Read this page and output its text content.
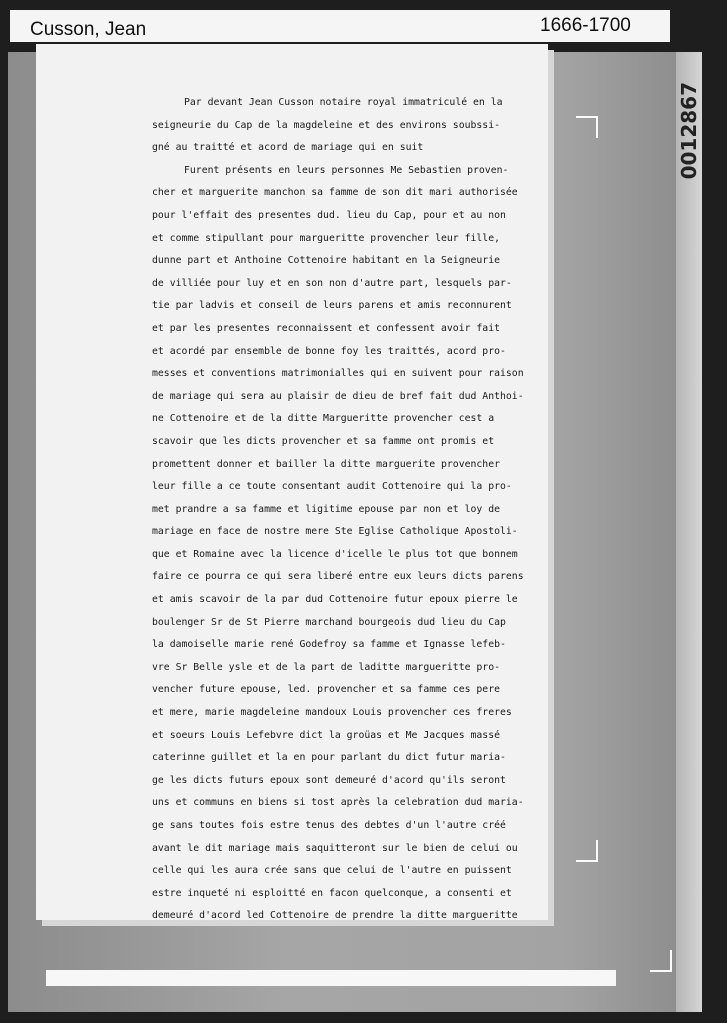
0012867
Cusson, Jean	1666-1700
Par devant Jean Cusson notaire royal immatriculé en la
seigneurie du Cap de la magdeleine et des environs soubssi-
gné au traitté et acord de mariage qui en suit
Furent présents en leurs personnes Me Sebastien proven-
cher et marguerite manchon sa famme de son dit mari authorisée
pour l'effait des presentes dud. lieu du Cap, pour et au non
et comme stipullant pour margueritte provencher leur fille,
dunne part et Anthoine Cottenoire habitant en la Seigneurie
de villiée pour luy et en son non d'autre part, lesquels par-
tie par ladvis et conseil de leurs parens et amis reconnurent
et par les presentes reconnaissent et confessent avoir fait
et acordé par ensemble de bonne foy les traittés, acord pro-
messes et conventions matrimonialles qui en suivent pour raison
de mariage qui sera au plaisir de dieu de bref fait dud Anthoi-
ne Cottenoire et de la ditte Margueritte provencher cest a
scavoir que les dicts provencher et sa famme ont promis et
promettent donner et bailler la ditte marguerite provencher
leur fille a ce toute consentant audit Cottenoire qui la pro-
met prandre a sa famme et ligitime epouse par non et loy de
mariage en face de nostre mere Ste Eglise Catholique Apostoli-
que et Romaine avec la licence d'icelle le plus tot que bonnem
faire ce pourra ce qui sera liberé entre eux leurs dicts parens
et amis scavoir de la par dud Cottenoire futur epoux pierre le
boulenger Sr de St Pierre marchand bourgeois dud lieu du Cap
la damoiselle marie rené Godefroy sa famme et Ignasse lefeb-
vre Sr Belle ysle et de la part de laditte margueritte pro-
vencher future epouse, led. provencher et sa famme ces pere
et mere, marie magdeleine mandoux Louis provencher ces freres
et soeurs Louis Lefebvre dict la groüas et Me Jacques massé
caterinne guillet et la en pour parlant du dict futur maria-
ge les dicts futurs epoux sont demeuré d'acord qu'ils seront
uns et communs en biens si tost après la celebration dud maria-
ge sans toutes fois estre tenus des debtes d'un l'autre créé
avant le dit mariage mais saquitteront sur le bien de celui ou
celle qui les aura crée sans que celui de l'autre en puissent
estre inqueté ni esploitté en facon quelconque, a consenti et
demeuré d'acord led Cottenoire de prendre la ditte margueritte
